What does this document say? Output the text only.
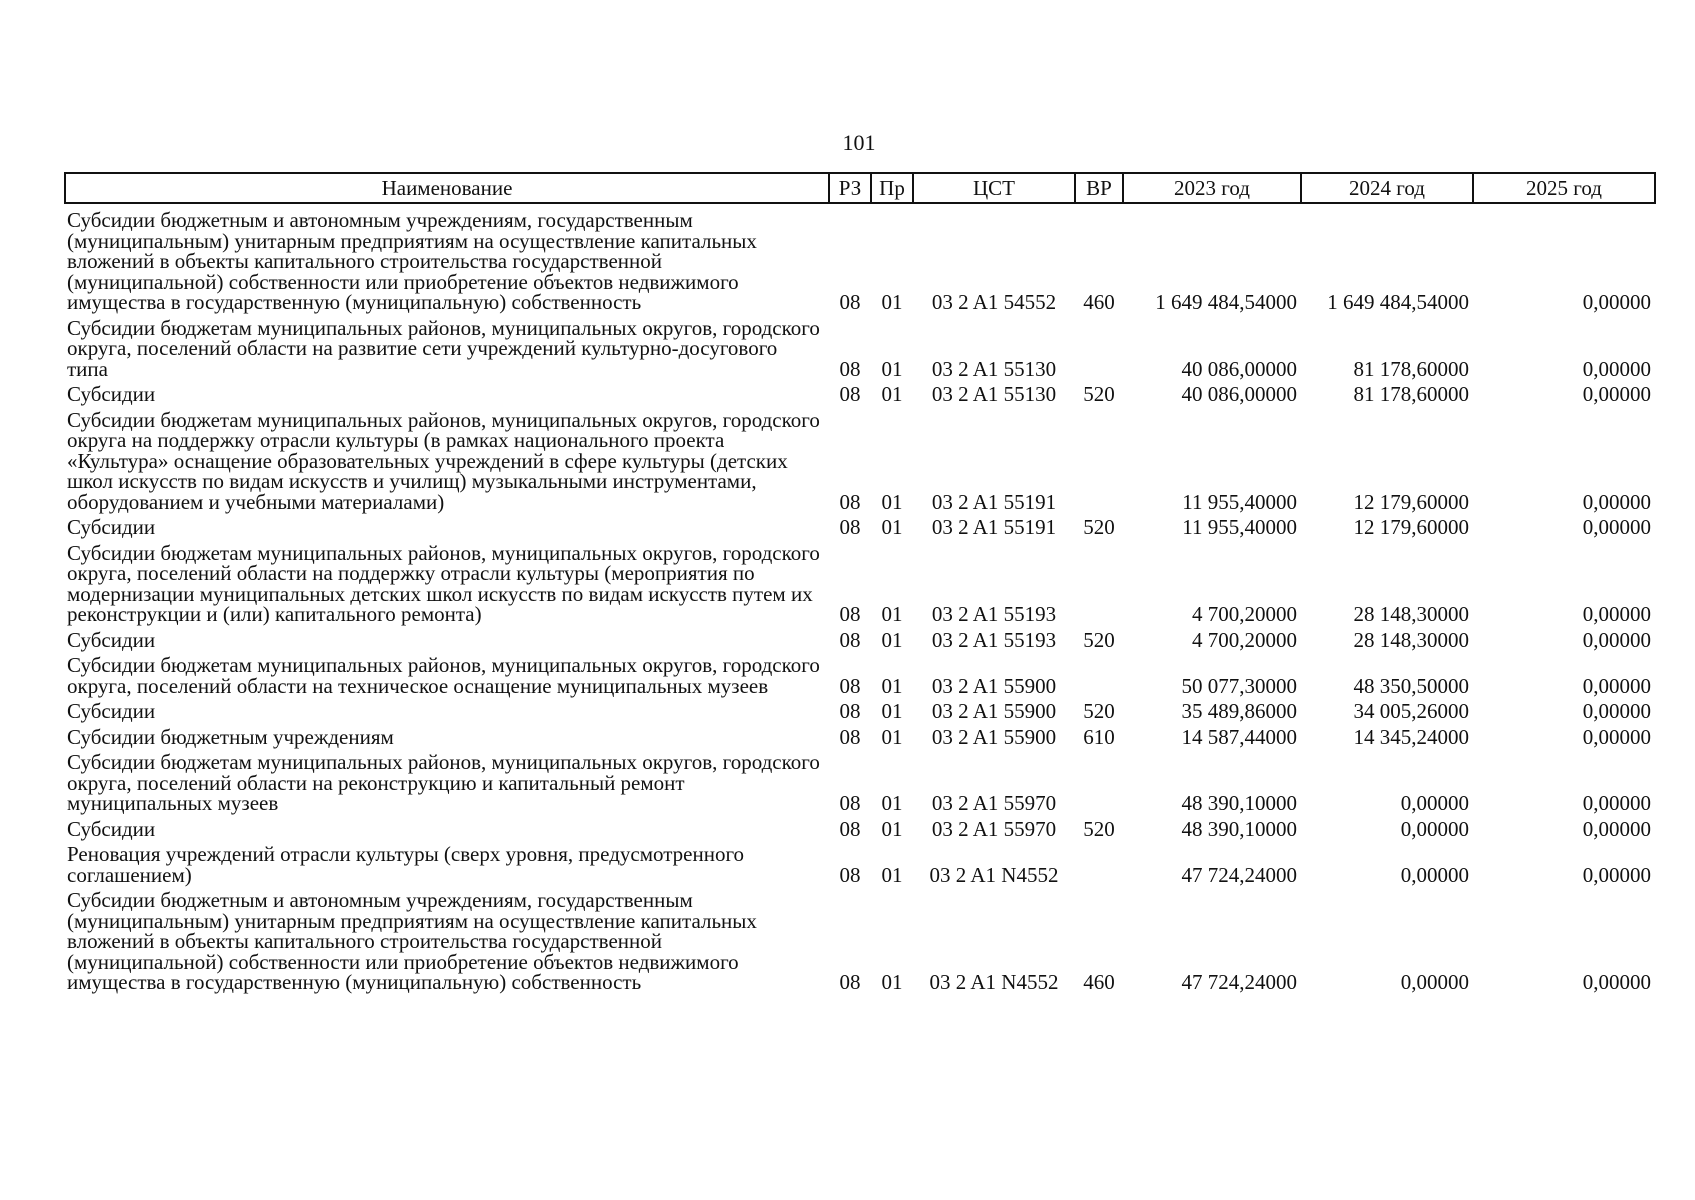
101
Наименование	РЗ	Пр	ЦСТ	ВР	2023 год	2024 год	2025 год
Субсидии бюджетным и автономным учреждениям, государственным (муниципальным) унитарным предприятиям на осуществление капитальных вложений в объекты капитального строительства государственной (муниципальной) собственности или приобретение объектов недвижимого имущества в государственную (муниципальную) собственность	08	01	03 2 A1 54552	460	1 649 484,54000	1 649 484,54000	0,00000
Субсидии бюджетам муниципальных районов, муниципальных округов, городского округа, поселений области на развитие сети учреждений культурно-досугового типа	08	01	03 2 A1 55130		40 086,00000	81 178,60000	0,00000
Субсидии	08	01	03 2 A1 55130	520	40 086,00000	81 178,60000	0,00000
Субсидии бюджетам муниципальных районов, муниципальных округов, городского округа на поддержку отрасли культуры (в рамках национального проекта «Культура» оснащение образовательных учреждений в сфере культуры (детских школ искусств по видам искусств и училищ) музыкальными инструментами, оборудованием и учебными материалами)	08	01	03 2 A1 55191		11 955,40000	12 179,60000	0,00000
Субсидии	08	01	03 2 A1 55191	520	11 955,40000	12 179,60000	0,00000
Субсидии бюджетам муниципальных районов, муниципальных округов, городского округа, поселений области на поддержку отрасли культуры (мероприятия по модернизации муниципальных детских школ искусств по видам искусств путем их реконструкции и (или) капитального ремонта)	08	01	03 2 A1 55193		4 700,20000	28 148,30000	0,00000
Субсидии	08	01	03 2 A1 55193	520	4 700,20000	28 148,30000	0,00000
Субсидии бюджетам муниципальных районов, муниципальных округов, городского округа, поселений области на техническое оснащение муниципальных музеев	08	01	03 2 A1 55900		50 077,30000	48 350,50000	0,00000
Субсидии	08	01	03 2 A1 55900	520	35 489,86000	34 005,26000	0,00000
Субсидии бюджетным учреждениям	08	01	03 2 A1 55900	610	14 587,44000	14 345,24000	0,00000
Субсидии бюджетам муниципальных районов, муниципальных округов, городского округа, поселений области на реконструкцию и капитальный ремонт муниципальных музеев	08	01	03 2 A1 55970		48 390,10000	0,00000	0,00000
Субсидии	08	01	03 2 A1 55970	520	48 390,10000	0,00000	0,00000
Реновация учреждений отрасли культуры (сверх уровня, предусмотренного соглашением)	08	01	03 2 A1 N4552		47 724,24000	0,00000	0,00000
Субсидии бюджетным и автономным учреждениям, государственным (муниципальным) унитарным предприятиям на осуществление капитальных вложений в объекты капитального строительства государственной (муниципальной) собственности или приобретение объектов недвижимого имущества в государственную (муниципальную) собственность	08	01	03 2 A1 N4552	460	47 724,24000	0,00000	0,00000
